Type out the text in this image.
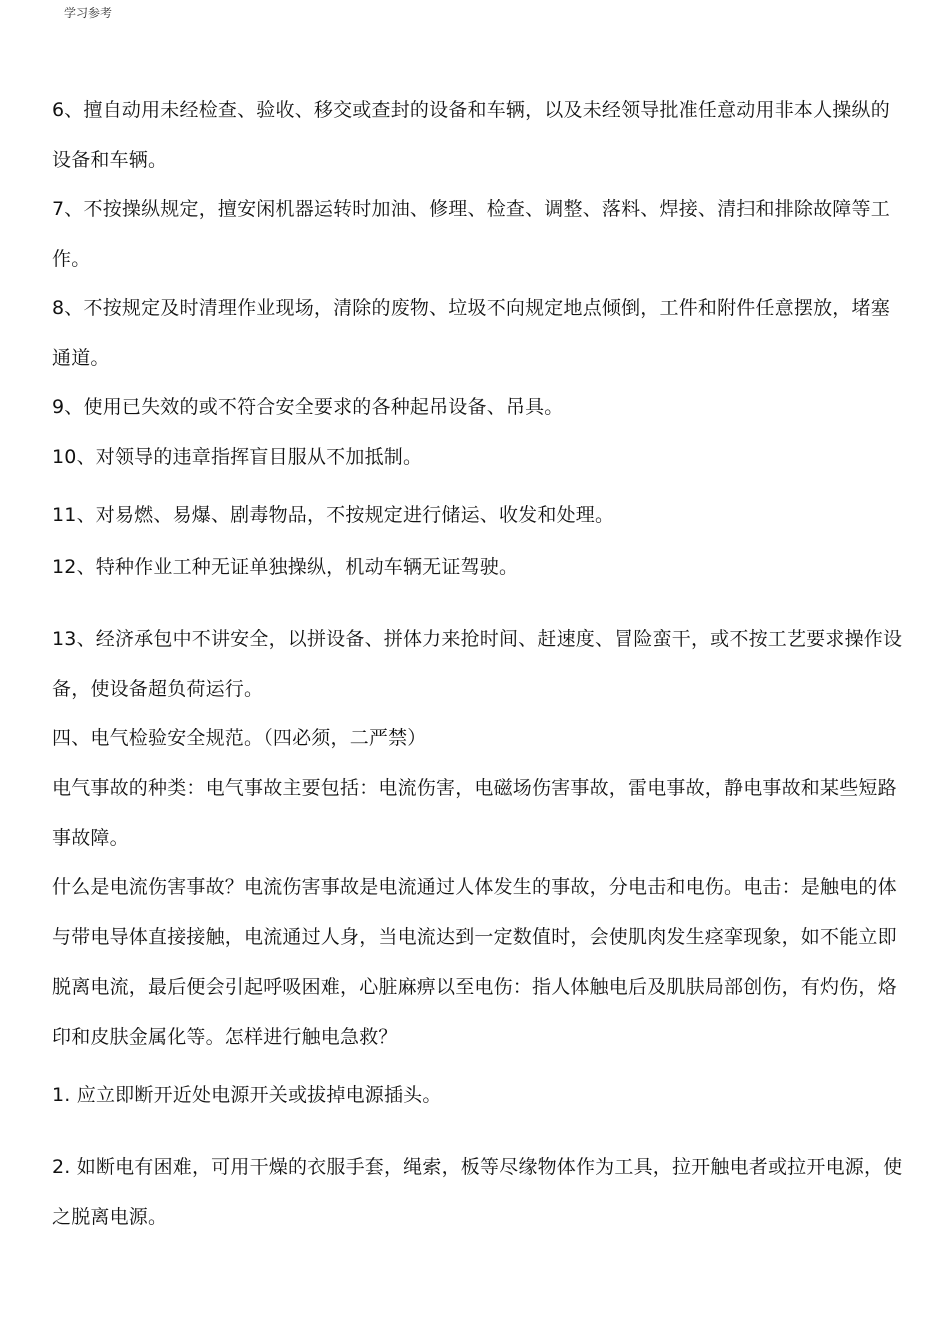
学习参考

6、擅自动用未经检查、验收、移交或查封的设备和车辆，以及未经领导批准任意动用非本人操纵的设备和车辆。

7、不按操纵规定，擅安闲机器运转时加油、修理、检查、调整、落料、焊接、清扫和排除故障等工作。

8、不按规定及时清理作业现场，清除的废物、垃圾不向规定地点倾倒，工件和附件任意摆放，堵塞通道。

9、使用已失效的或不符合安全要求的各种起吊设备、吊具。

10、对领导的违章指挥盲目服从不加抵制。

11、对易燃、易爆、剧毒物品，不按规定进行储运、收发和处理。

12、特种作业工种无证单独操纵，机动车辆无证驾驶。

13、经济承包中不讲安全，以拼设备、拼体力来抢时间、赶速度、冒险蛮干，或不按工艺要求操作设备，使设备超负荷运行。

四、电气检验安全规范。（四必须，二严禁）

电气事故的种类：电气事故主要包括：电流伤害，电磁场伤害事故，雷电事故，静电事故和某些短路事故障。

什么是电流伤害事故？电流伤害事故是电流通过人体发生的事故，分电击和电伤。电击：是触电的体与带电导体直接接触，电流通过人身，当电流达到一定数值时，会使肌肉发生痉挛现象，如不能立即脱离电流，最后便会引起呼吸困难，心脏麻痹以至电伤：指人体触电后及肌肤局部创伤，有灼伤，烙印和皮肤金属化等。怎样进行触电急救？

1. 应立即断开近处电源开关或拔掉电源插头。

2. 如断电有困难，可用干燥的衣服手套，绳索，板等尽缘物体作为工具，拉开触电者或拉开电源，使之脱离电源。
